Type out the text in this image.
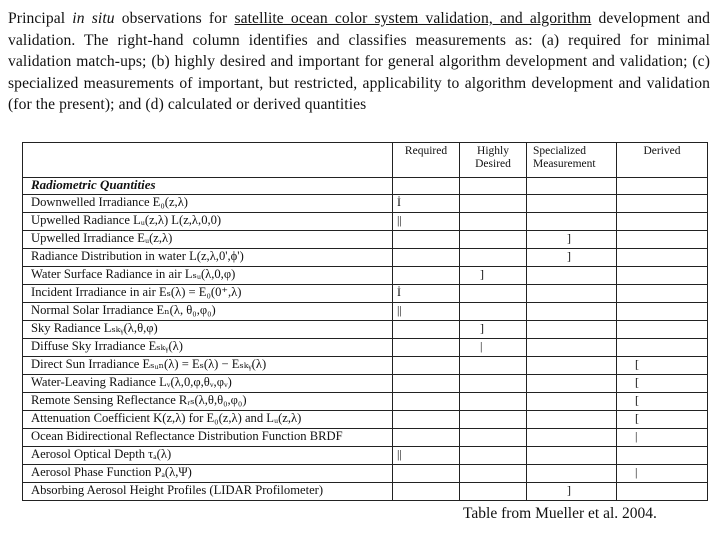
Principal in situ observations for satellite ocean color system validation, and algorithm development and validation. The right-hand column identifies and classifies measurements as: (a) required for minimal validation match-ups; (b) highly desired and important for general algorithm development and validation; (c) specialized measurements of important, but restricted, applicability to algorithm development and validation (for the present); and (d) calculated or derived quantities
	Required	Highly Desired	Specialized Measurement	Derived
Radiometric Quantities				
Downwelled Irradiance E₀(z,λ)	İ			
Upwelled Radiance Lᵤ(z,λ) L(z,λ,0,0)	||			
Upwelled Irradiance Eᵤ(z,λ)			]	
Radiance Distribution in water L(z,λ,0',ϕ')			]	
Water Surface Radiance in air Lₛᵤ(λ,0,φ)		]		
Incident Irradiance in air Eₛ(λ) = E₀(0⁺,λ)	İ			
Normal Solar Irradiance Eₙ(λ, θ₀,φ₀)	||			
Sky Radiance Lₛₖᵧ(λ,θ,φ)		]		
Diffuse Sky Irradiance Eₛₖᵧ(λ)		|		
Direct Sun Irradiance Eₛᵤₙ(λ) = Eₛ(λ) − Eₛₖᵧ(λ)				[
Water-Leaving Radiance Lᵥ(λ,0,φ,θᵥ,φᵥ)				[
Remote Sensing Reflectance Rᵣₛ(λ,θ,θ₀,φ₀)				[
Attenuation Coefficient K(z,λ) for E₀(z,λ) and Lᵤ(z,λ)				[
Ocean Bidirectional Reflectance Distribution Function BRDF				|
Aerosol Optical Depth τₐ(λ)	||			
Aerosol Phase Function Pₐ(λ,Ψ)				|
Absorbing Aerosol Height Profiles (LIDAR Profilometer)			]	
Table from Mueller et al. 2004.
